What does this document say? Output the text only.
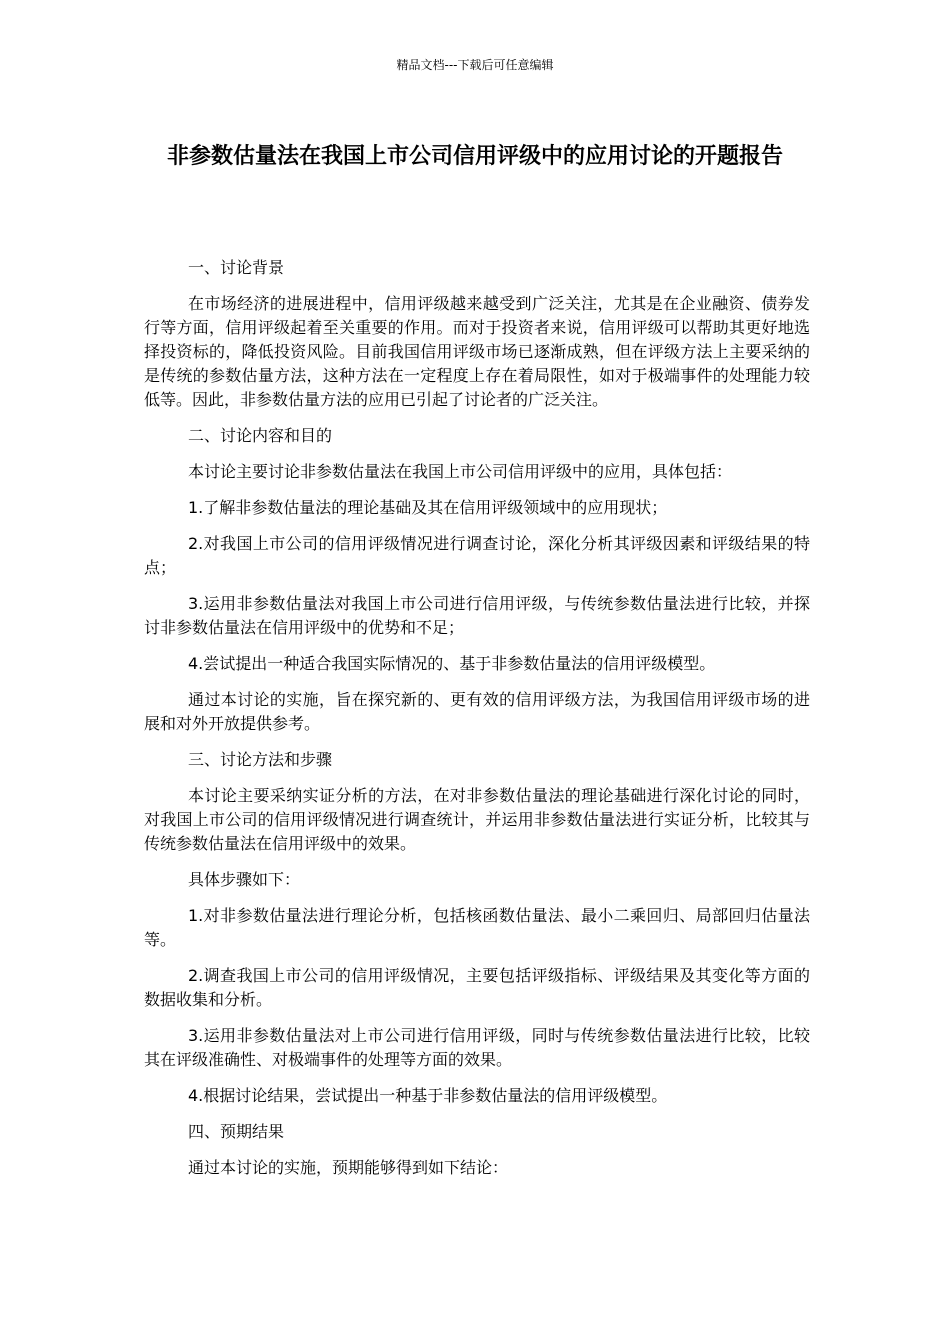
精品文档---下载后可任意编辑
非参数估量法在我国上市公司信用评级中的应用讨论的开题报告

一、讨论背景

在市场经济的进展进程中，信用评级越来越受到广泛关注，尤其是在企业融资、债券发行等方面，信用评级起着至关重要的作用。而对于投资者来说，信用评级可以帮助其更好地选择投资标的，降低投资风险。目前我国信用评级市场已逐渐成熟，但在评级方法上主要采纳的是传统的参数估量方法，这种方法在一定程度上存在着局限性，如对于极端事件的处理能力较低等。因此，非参数估量方法的应用已引起了讨论者的广泛关注。

二、讨论内容和目的

本讨论主要讨论非参数估量法在我国上市公司信用评级中的应用，具体包括：

1.了解非参数估量法的理论基础及其在信用评级领域中的应用现状；

2.对我国上市公司的信用评级情况进行调查讨论，深化分析其评级因素和评级结果的特点；

3.运用非参数估量法对我国上市公司进行信用评级，与传统参数估量法进行比较，并探讨非参数估量法在信用评级中的优势和不足；

4.尝试提出一种适合我国实际情况的、基于非参数估量法的信用评级模型。

通过本讨论的实施，旨在探究新的、更有效的信用评级方法，为我国信用评级市场的进展和对外开放提供参考。

三、讨论方法和步骤

本讨论主要采纳实证分析的方法，在对非参数估量法的理论基础进行深化讨论的同时，对我国上市公司的信用评级情况进行调查统计，并运用非参数估量法进行实证分析，比较其与传统参数估量法在信用评级中的效果。

具体步骤如下：

1.对非参数估量法进行理论分析，包括核函数估量法、最小二乘回归、局部回归估量法等。

2.调查我国上市公司的信用评级情况，主要包括评级指标、评级结果及其变化等方面的数据收集和分析。

3.运用非参数估量法对上市公司进行信用评级，同时与传统参数估量法进行比较，比较其在评级准确性、对极端事件的处理等方面的效果。

4.根据讨论结果，尝试提出一种基于非参数估量法的信用评级模型。

四、预期结果

通过本讨论的实施，预期能够得到如下结论：
